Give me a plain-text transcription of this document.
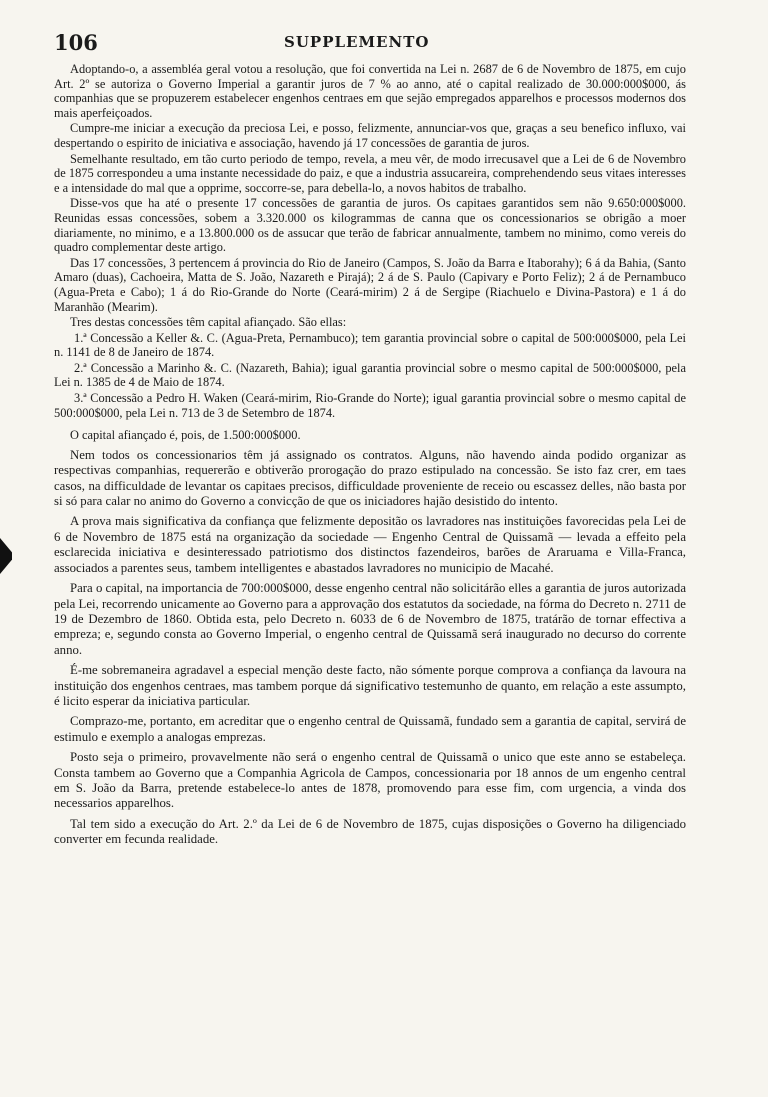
106	SUPPLEMENTO

Adoptando-o, a assembléa geral votou a resolução, que foi convertida na Lei n. 2687 de 6 de Novembro de 1875, em cujo Art. 2º se autoriza o Governo Imperial a garantir juros de 7 % ao anno, até o capital realizado de 30.000:000$000, ás companhias que se propuzerem estabelecer engenhos centraes em que sejão empregados apparelhos e processos modernos dos mais aperfeiçoados.

Cumpre-me iniciar a execução da preciosa Lei, e posso, felizmente, annunciar-vos que, graças a seu benefico influxo, vai despertando o espirito de iniciativa e associação, havendo já 17 concessões de garantia de juros.

Semelhante resultado, em tão curto periodo de tempo, revela, a meu vêr, de modo irrecusavel que a Lei de 6 de Novembro de 1875 correspondeu a uma instante necessidade do paiz, e que a industria assucareira, comprehendendo seus vitaes interesses e a intensidade do mal que a opprime, soccorre-se, para debella-lo, a novos habitos de trabalho.

Disse-vos que ha até o presente 17 concessões de garantia de juros. Os capitaes garantidos sem não 9.650:000$000. Reunidas essas concessões, sobem a 3.320.000 os kilogrammas de canna que os concessionarios se obrigão a moer diariamente, no minimo, e a 13.800.000 os de assucar que terão de fabricar annualmente, tambem no minimo, como vereis do quadro complementar deste artigo.

Das 17 concessões, 3 pertencem á provincia do Rio de Janeiro (Campos, S. João da Barra e Itaborahy); 6 á da Bahia, (Santo Amaro (duas), Cachoeira, Matta de S. João, Nazareth e Pirajá); 2 á de S. Paulo (Capivary e Porto Feliz); 2 á de Pernambuco (Agua-Preta e Cabo); 1 á do Rio-Grande do Norte (Ceará-mirim) 2 á de Sergipe (Riachuelo e Divina-Pastora) e 1 á do Maranhão (Mearim).

Tres destas concessões têm capital afiançado. São ellas:

1.ª Concessão a Keller &. C. (Agua-Preta, Pernambuco); tem garantia provincial sobre o capital de 500:000$000, pela Lei n. 1141 de 8 de Janeiro de 1874.

2.ª Concessão a Marinho &. C. (Nazareth, Bahia); igual garantia provincial sobre o mesmo capital de 500:000$000, pela Lei n. 1385 de 4 de Maio de 1874.

3.ª Concessão a Pedro H. Waken (Ceará-mirim, Rio-Grande do Norte); igual garantia provincial sobre o mesmo capital de 500:000$000, pela Lei n. 713 de 3 de Setembro de 1874.

O capital afiançado é, pois, de 1.500:000$000.

Nem todos os concessionarios têm já assignado os contratos. Alguns, não havendo ainda podido organizar as respectivas companhias, requererão e obtiverão prorogação do prazo estipulado na concessão. Se isto faz crer, em taes casos, na difficuldade de levantar os capitaes precisos, difficuldade proveniente de receio ou escassez delles, não basta por si só para calar no animo do Governo a convicção de que os iniciadores hajão desistido do intento.

A prova mais significativa da confiança que felizmente depositão os lavradores nas instituições favorecidas pela Lei de 6 de Novembro de 1875 está na organização da sociedade — Engenho Central de Quissamã — levada a effeito pela esclarecida iniciativa e desinteressado patriotismo dos distinctos fazendeiros, barões de Araruama e Villa-Franca, associados a parentes seus, tambem intelligentes e abastados lavradores no municipio de Macahé.

Para o capital, na importancia de 700:000$000, desse engenho central não solicitárão elles a garantia de juros autorizada pela Lei, recorrendo unicamente ao Governo para a approvação dos estatutos da sociedade, na fórma do Decreto n. 2711 de 19 de Dezembro de 1860. Obtida esta, pelo Decreto n. 6033 de 6 de Novembro de 1875, tratárão de tornar effectiva a empreza; e, segundo consta ao Governo Imperial, o engenho central de Quissamã será inaugurado no decurso do corrente anno.

É-me sobremaneira agradavel a especial menção deste facto, não sómente porque comprova a confiança da lavoura na instituição dos engenhos centraes, mas tambem porque dá significativo testemunho de quanto, em relação a este assumpto, é licito esperar da iniciativa particular.

Comprazo-me, portanto, em acreditar que o engenho central de Quissamã, fundado sem a garantia de capital, servirá de estimulo e exemplo a analogas emprezas.

Posto seja o primeiro, provavelmente não será o engenho central de Quissamã o unico que este anno se estabeleça. Consta tambem ao Governo que a Companhia Agricola de Campos, concessionaria por 18 annos de um engenho central em S. João da Barra, pretende estabelece-lo antes de 1878, promovendo para esse fim, com urgencia, a vinda dos necessarios apparelhos.

Tal tem sido a execução do Art. 2.º da Lei de 6 de Novembro de 1875, cujas disposições o Governo ha diligenciado converter em fecunda realidade.
